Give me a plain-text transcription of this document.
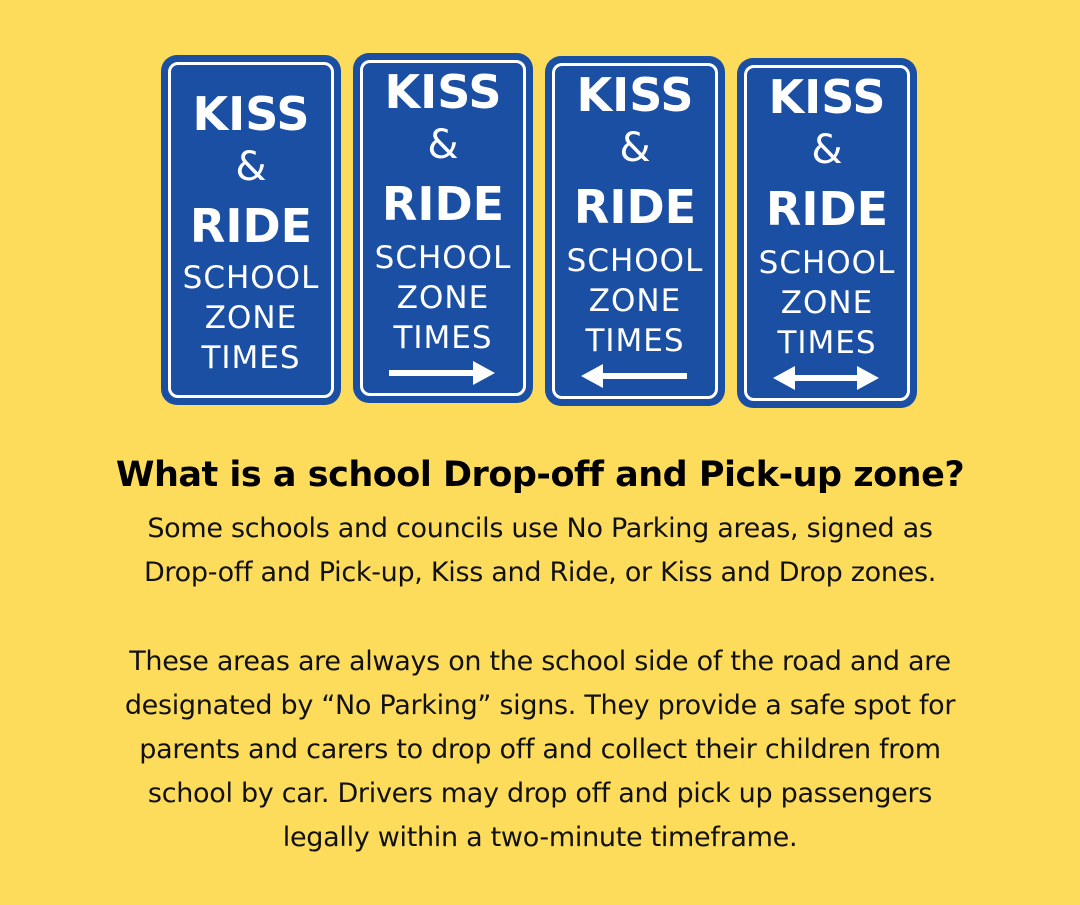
KISS
&
RIDE
SCHOOL
ZONE
TIMES
KISS
&
RIDE
SCHOOL
ZONE
TIMES
KISS
&
RIDE
SCHOOL
ZONE
TIMES
KISS
&
RIDE
SCHOOL
ZONE
TIMES
What is a school Drop-off and Pick-up zone?
Some schools and councils use No Parking areas, signed as
Drop-off and Pick-up, Kiss and Ride, or Kiss and Drop zones.
These areas are always on the school side of the road and are
designated by “No Parking” signs. They provide a safe spot for
parents and carers to drop off and collect their children from
school by car. Drivers may drop off and pick up passengers
legally within a two-minute timeframe.
